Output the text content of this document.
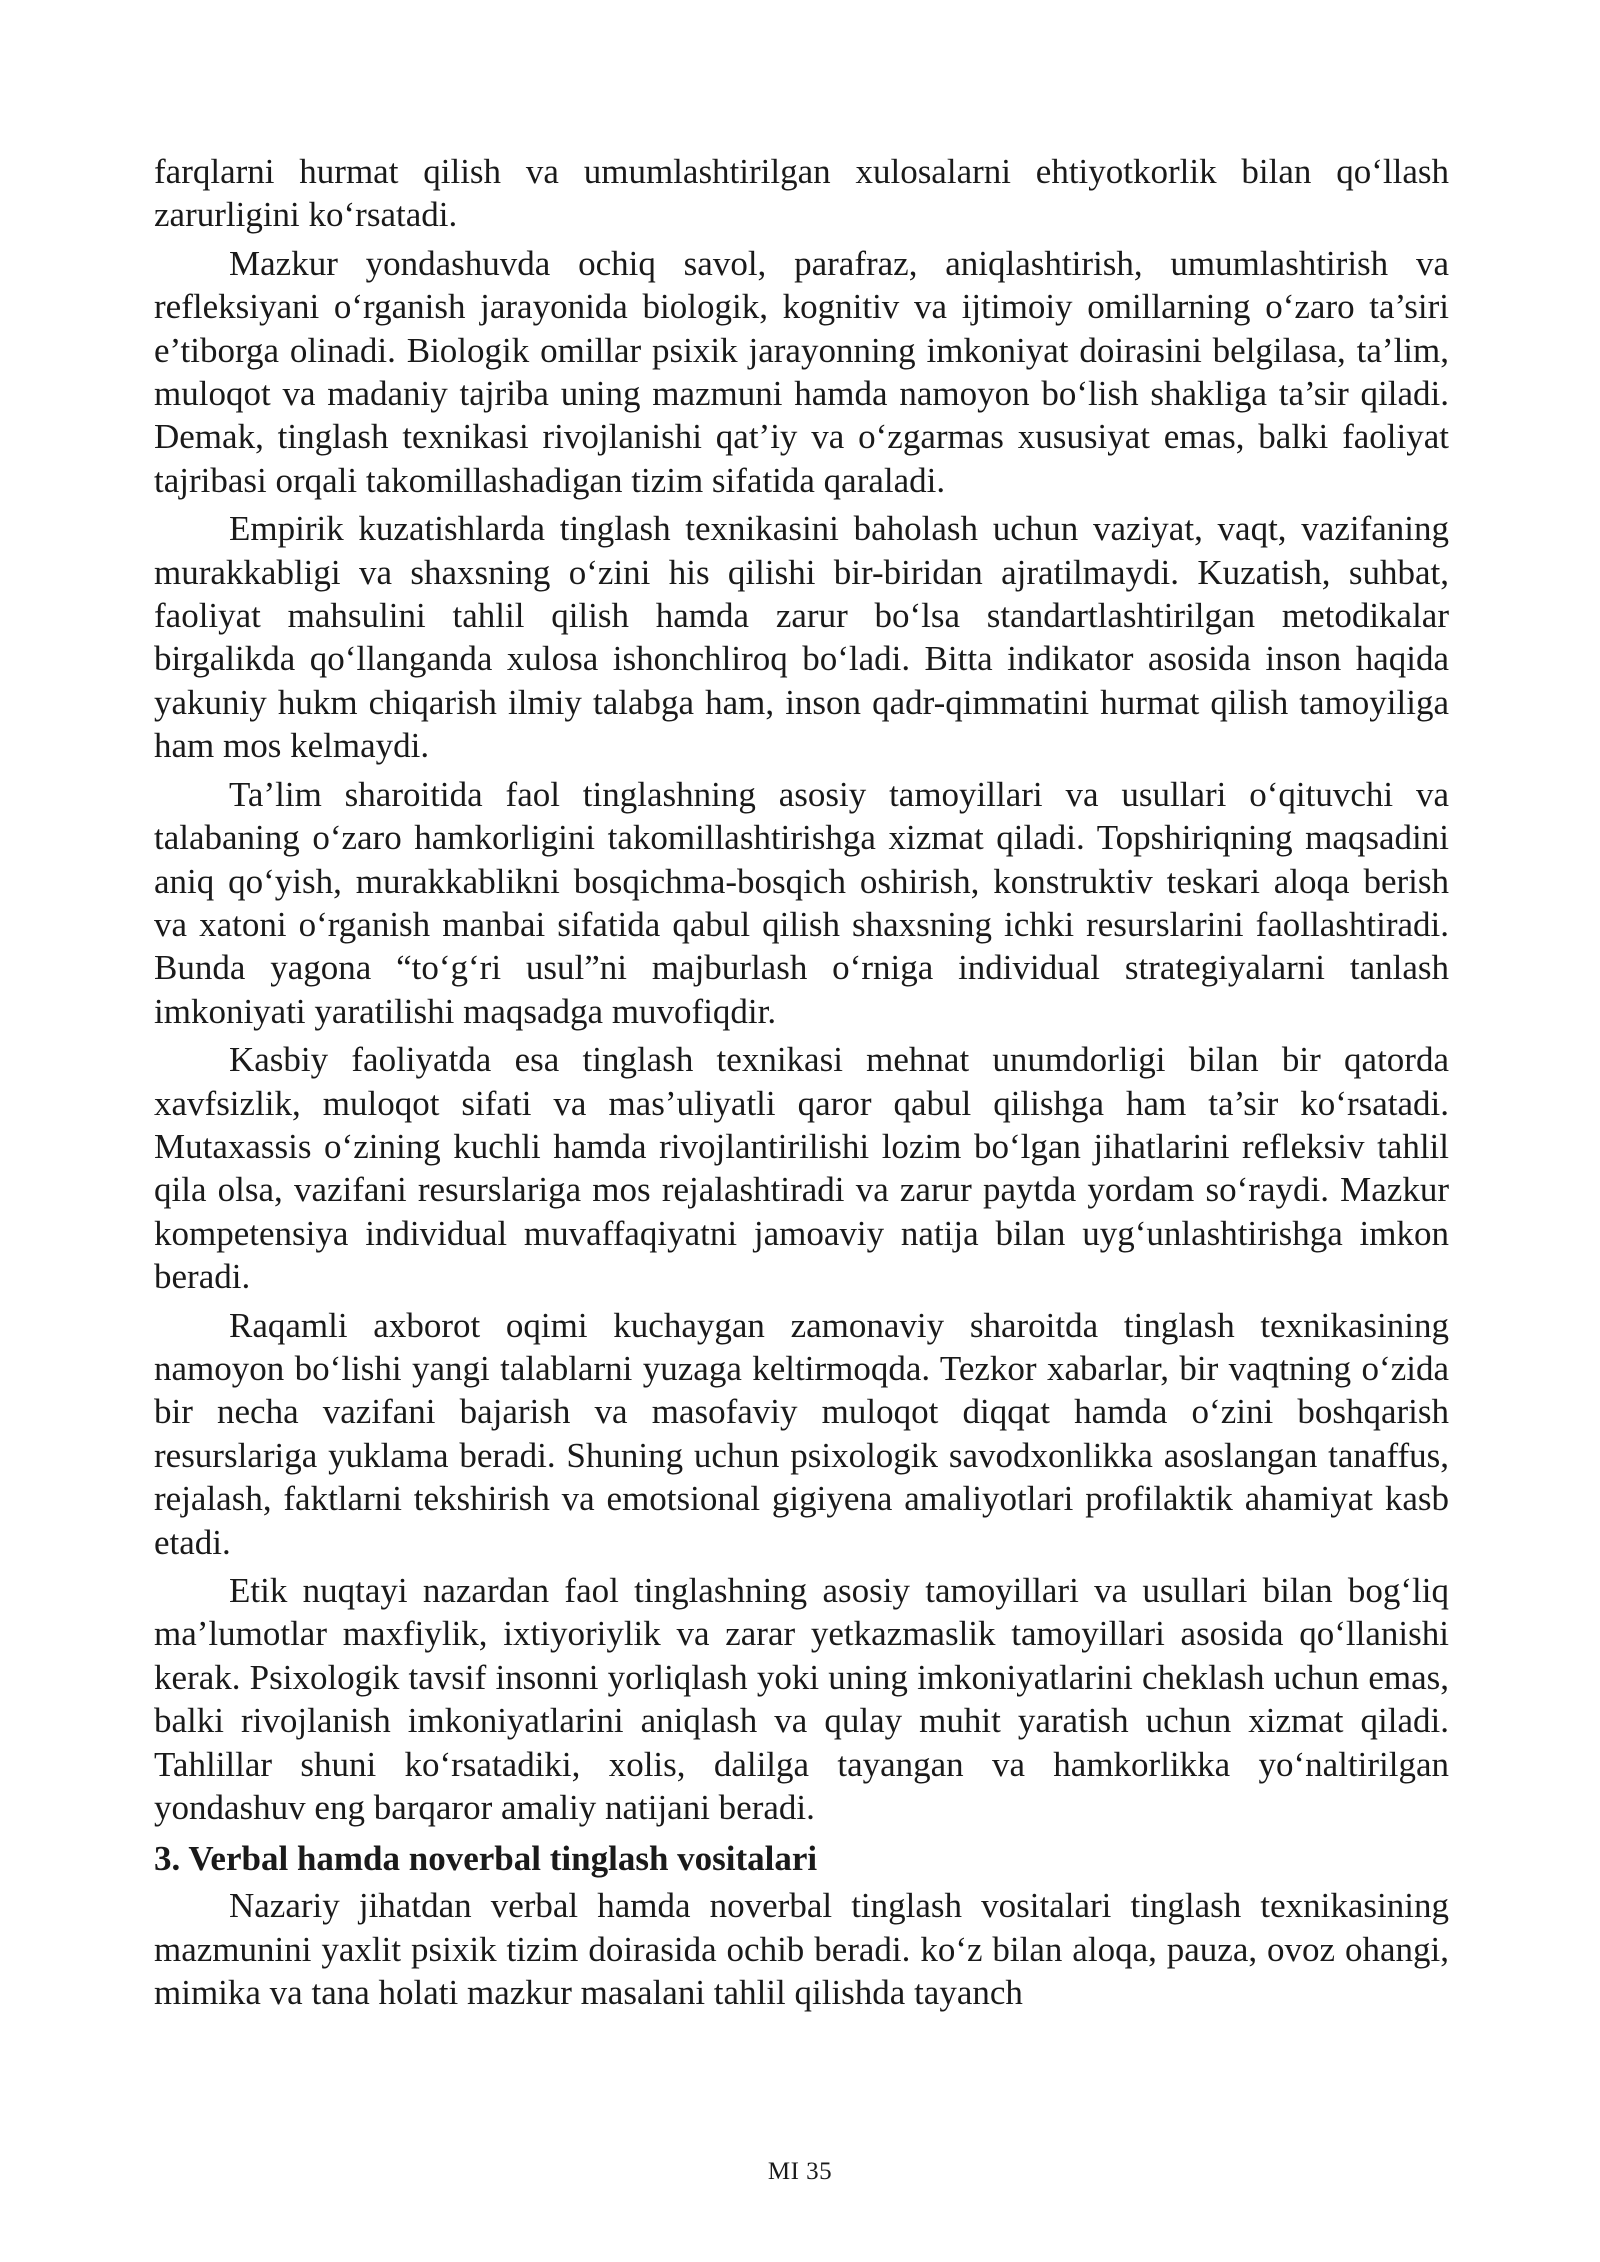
farqlarni hurmat qilish va umumlashtirilgan xulosalarni ehtiyotkorlik bilan qo‘llash zarurligini ko‘rsatadi.

Mazkur yondashuvda ochiq savol, parafraz, aniqlashtirish, umumlashtirish va refleksiyani o‘rganish jarayonida biologik, kognitiv va ijtimoiy omillarning o‘zaro ta’siri e’tiborga olinadi. Biologik omillar psixik jarayonning imkoniyat doirasini belgilasa, ta’lim, muloqot va madaniy tajriba uning mazmuni hamda namoyon bo‘lish shakliga ta’sir qiladi. Demak, tinglash texnikasi rivojlanishi qat’iy va o‘zgarmas xususiyat emas, balki faoliyat tajribasi orqali takomillashadigan tizim sifatida qaraladi.

Empirik kuzatishlarda tinglash texnikasini baholash uchun vaziyat, vaqt, vazifaning murakkabligi va shaxsning o‘zini his qilishi bir-biridan ajratilmaydi. Kuzatish, suhbat, faoliyat mahsulini tahlil qilish hamda zarur bo‘lsa standartlashtirilgan metodikalar birgalikda qo‘llanganda xulosa ishonchliroq bo‘ladi. Bitta indikator asosida inson haqida yakuniy hukm chiqarish ilmiy talabga ham, inson qadr-qimmatini hurmat qilish tamoyiliga ham mos kelmaydi.

Ta’lim sharoitida faol tinglashning asosiy tamoyillari va usullari o‘qituvchi va talabaning o‘zaro hamkorligini takomillashtirishga xizmat qiladi. Topshiriqning maqsadini aniq qo‘yish, murakkablikni bosqichma-bosqich oshirish, konstruktiv teskari aloqa berish va xatoni o‘rganish manbai sifatida qabul qilish shaxsning ichki resurslarini faollashtiradi. Bunda yagona “to‘g‘ri usul”ni majburlash o‘rniga individual strategiyalarni tanlash imkoniyati yaratilishi maqsadga muvofiqdir.

Kasbiy faoliyatda esa tinglash texnikasi mehnat unumdorligi bilan bir qatorda xavfsizlik, muloqot sifati va mas’uliyatli qaror qabul qilishga ham ta’sir ko‘rsatadi. Mutaxassis o‘zining kuchli hamda rivojlantirilishi lozim bo‘lgan jihatlarini refleksiv tahlil qila olsa, vazifani resurslariga mos rejalashtiradi va zarur paytda yordam so‘raydi. Mazkur kompetensiya individual muvaffaqiyatni jamoaviy natija bilan uyg‘unlashtirishga imkon beradi.

Raqamli axborot oqimi kuchaygan zamonaviy sharoitda tinglash texnikasining namoyon bo‘lishi yangi talablarni yuzaga keltirmoqda. Tezkor xabarlar, bir vaqtning o‘zida bir necha vazifani bajarish va masofaviy muloqot diqqat hamda o‘zini boshqarish resurslariga yuklama beradi. Shuning uchun psixologik savodxonlikka asoslangan tanaffus, rejalash, faktlarni tekshirish va emotsional gigiyena amaliyotlari profilaktik ahamiyat kasb etadi.

Etik nuqtayi nazardan faol tinglashning asosiy tamoyillari va usullari bilan bog‘liq ma’lumotlar maxfiylik, ixtiyoriylik va zarar yetkazmaslik tamoyillari asosida qo‘llanishi kerak. Psixologik tavsif insonni yorliqlash yoki uning imkoniyatlarini cheklash uchun emas, balki rivojlanish imkoniyatlarini aniqlash va qulay muhit yaratish uchun xizmat qiladi. Tahlillar shuni ko‘rsatadiki, xolis, dalilga tayangan va hamkorlikka yo‘naltirilgan yondashuv eng barqaror amaliy natijani beradi.

3. Verbal hamda noverbal tinglash vositalari

Nazariy jihatdan verbal hamda noverbal tinglash vositalari tinglash texnikasining mazmunini yaxlit psixik tizim doirasida ochib beradi. ko‘z bilan aloqa, pauza, ovoz ohangi, mimika va tana holati mazkur masalani tahlil qilishda tayanch

MI 35
